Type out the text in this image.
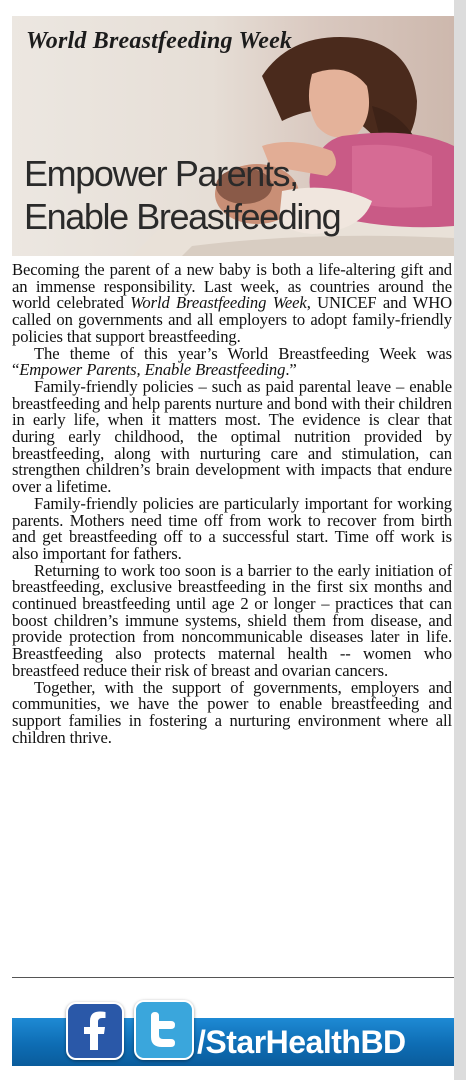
World Breastfeeding Week

Empower Parents,
Enable Breastfeeding

Becoming the parent of a new baby is both a life-altering gift and an immense responsibility. Last week, as countries around the world celebrated World Breastfeeding Week, UNICEF and WHO called on governments and all employers to adopt family-friendly policies that support breastfeeding.

The theme of this year’s World Breastfeeding Week was “Empower Parents, Enable Breastfeeding.”

Family-friendly policies – such as paid parental leave – enable breastfeeding and help parents nurture and bond with their children in early life, when it matters most. The evidence is clear that during early childhood, the optimal nutrition provided by breastfeeding, along with nurturing care and stimulation, can strengthen children’s brain development with impacts that endure over a lifetime.

Family-friendly policies are particularly important for working parents. Mothers need time off from work to recover from birth and get breastfeeding off to a successful start. Time off work is also important for fathers.

Returning to work too soon is a barrier to the early initiation of breastfeeding, exclusive breastfeeding in the first six months and continued breastfeeding until age 2 or longer – practices that can boost children’s immune systems, shield them from disease, and provide protection from noncommunicable diseases later in life. Breastfeeding also protects maternal health -- women who breastfeed reduce their risk of breast and ovarian cancers.

Together, with the support of governments, employers and communities, we have the power to enable breastfeeding and support families in fostering a nurturing environment where all children thrive.

/StarHealthBD
